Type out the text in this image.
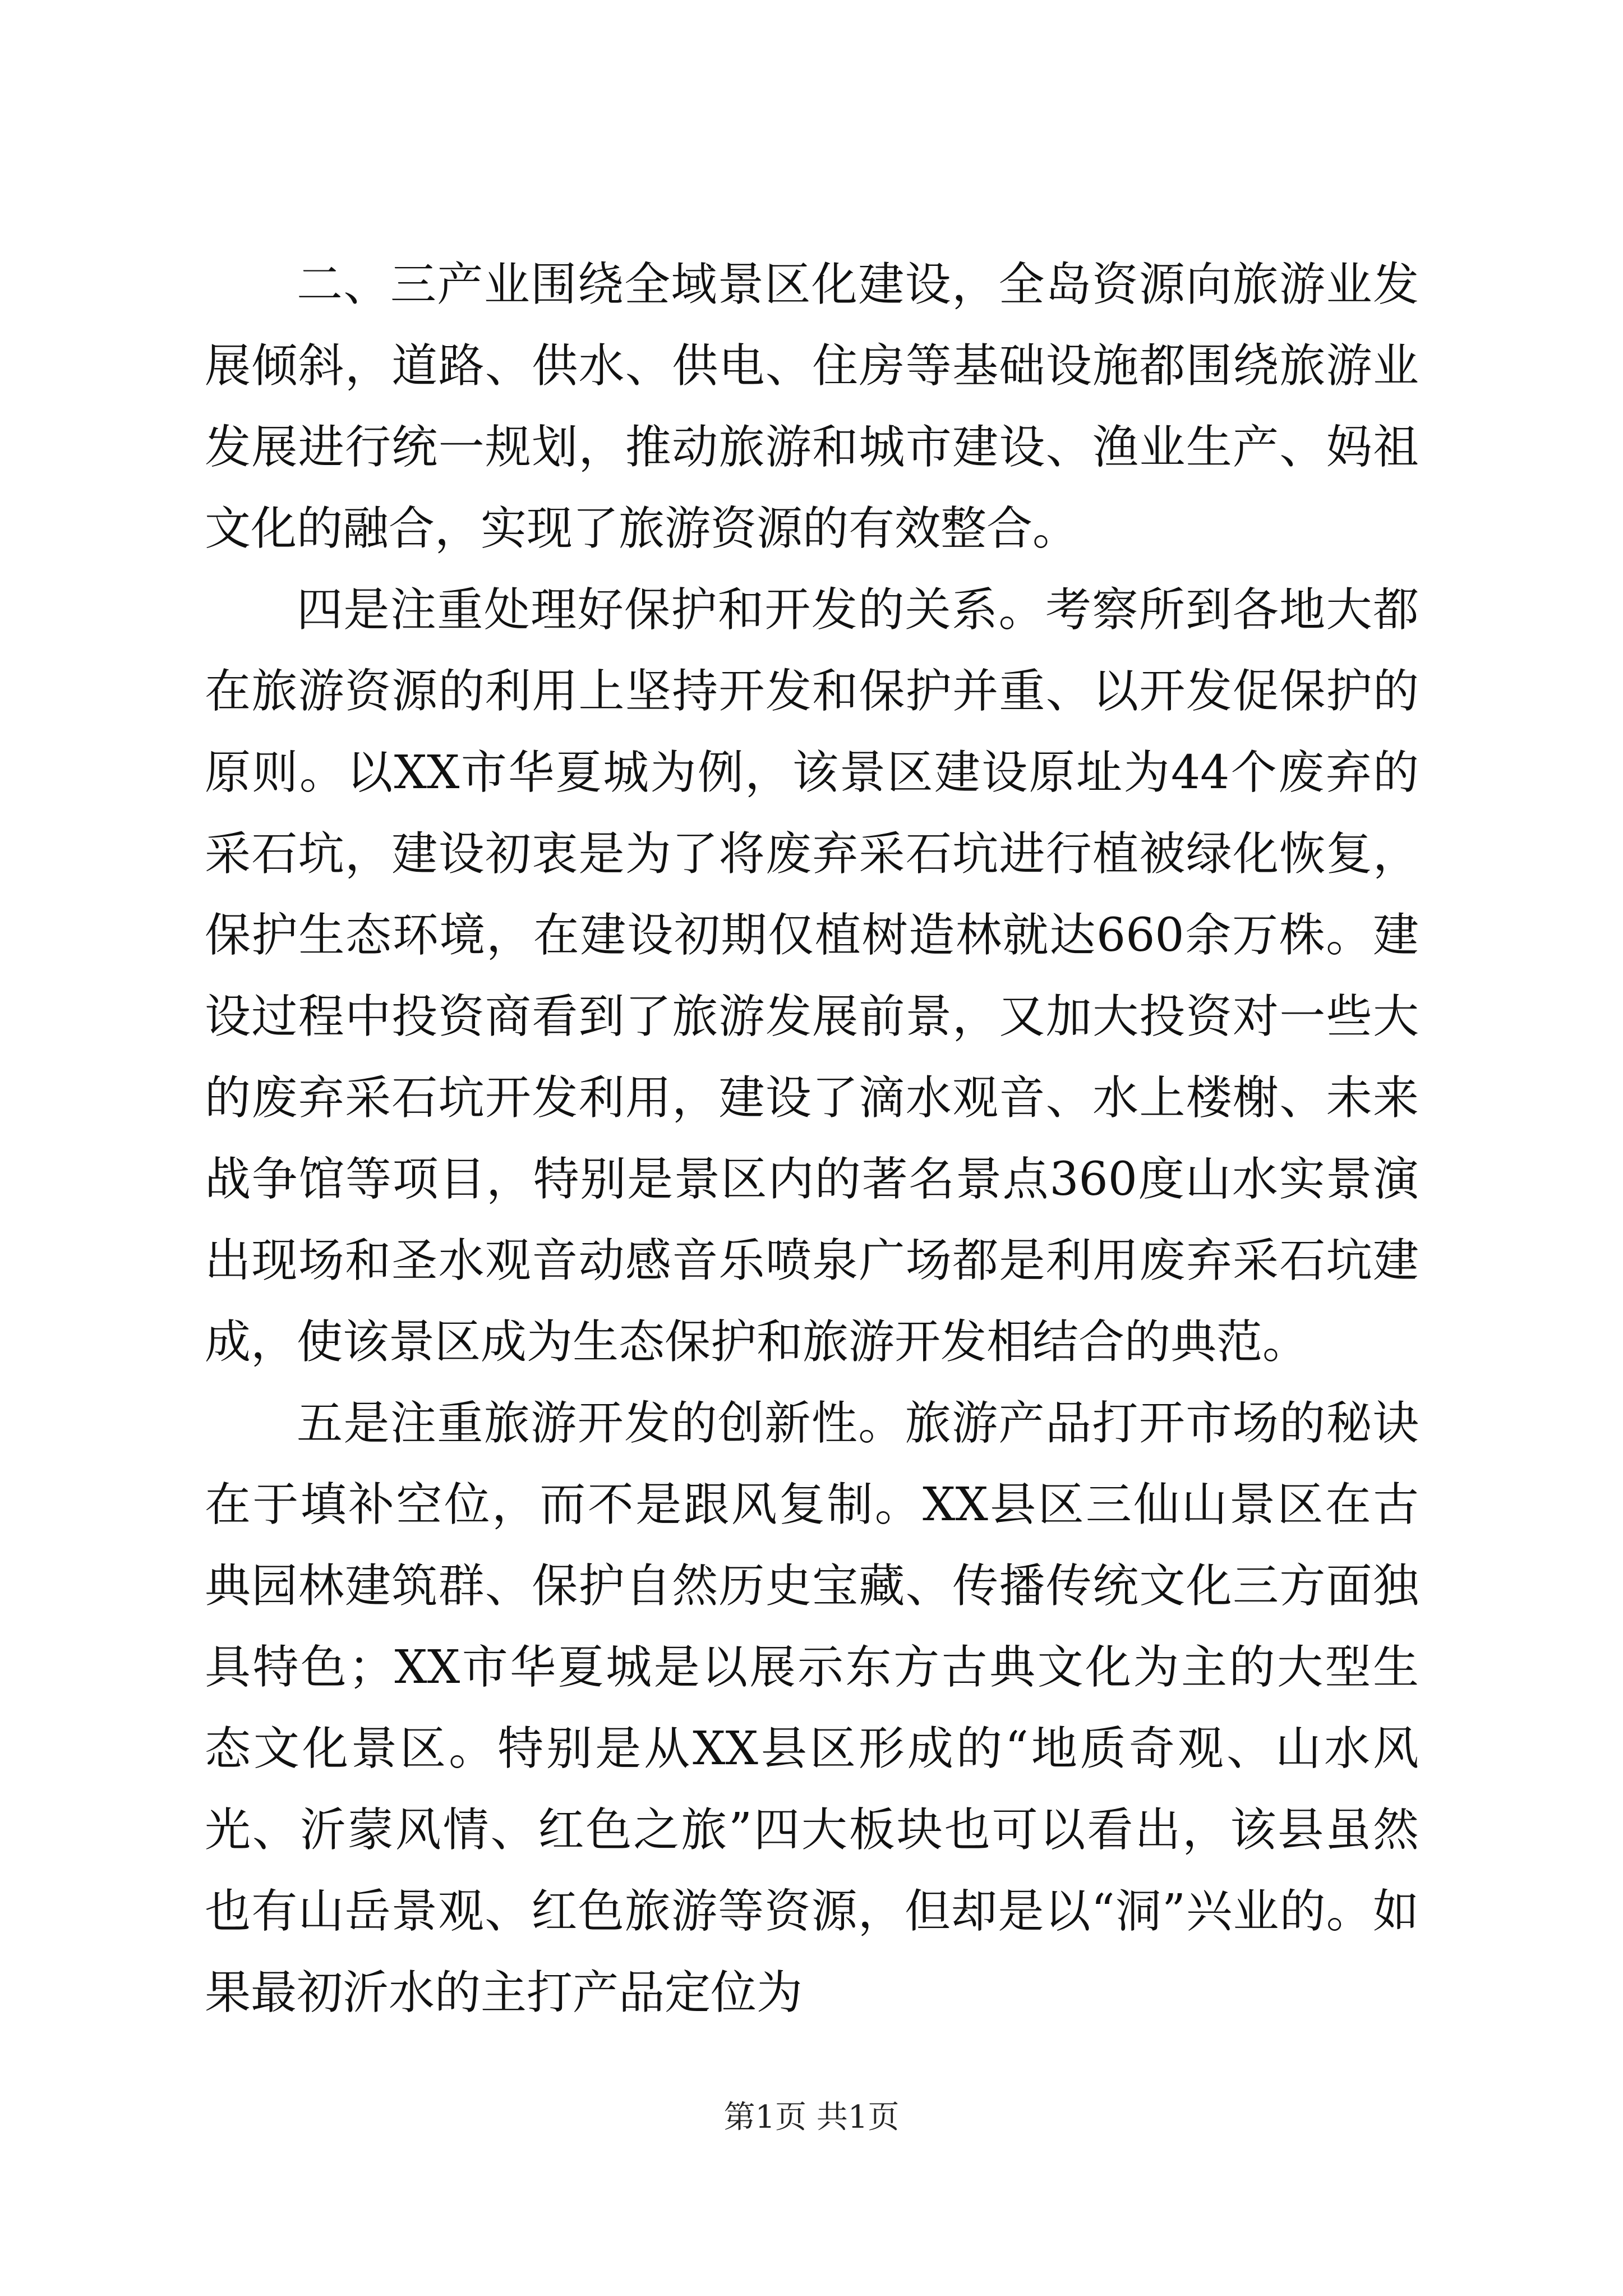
二、三产业围绕全域景区化建设，全岛资源向旅游业发展倾斜，道路、供水、供电、住房等基础设施都围绕旅游业发展进行统一规划，推动旅游和城市建设、渔业生产、妈祖文化的融合，实现了旅游资源的有效整合。

四是注重处理好保护和开发的关系。考察所到各地大都在旅游资源的利用上坚持开发和保护并重、以开发促保护的原则。以XX市华夏城为例，该景区建设原址为44个废弃的采石坑，建设初衷是为了将废弃采石坑进行植被绿化恢复，保护生态环境，在建设初期仅植树造林就达660余万株。建设过程中投资商看到了旅游发展前景，又加大投资对一些大的废弃采石坑开发利用，建设了滴水观音、水上楼榭、未来战争馆等项目，特别是景区内的著名景点360度山水实景演出现场和圣水观音动感音乐喷泉广场都是利用废弃采石坑建成，使该景区成为生态保护和旅游开发相结合的典范。

五是注重旅游开发的创新性。旅游产品打开市场的秘诀在于填补空位，而不是跟风复制。XX县区三仙山景区在古典园林建筑群、保护自然历史宝藏、传播传统文化三方面独具特色；XX市华夏城是以展示东方古典文化为主的大型生态文化景区。特别是从XX县区形成的“地质奇观、山水风光、沂蒙风情、红色之旅”四大板块也可以看出，该县虽然也有山岳景观、红色旅游等资源，但却是以“洞”兴业的。如果最初沂水的主打产品定位为

第1页 共1页
